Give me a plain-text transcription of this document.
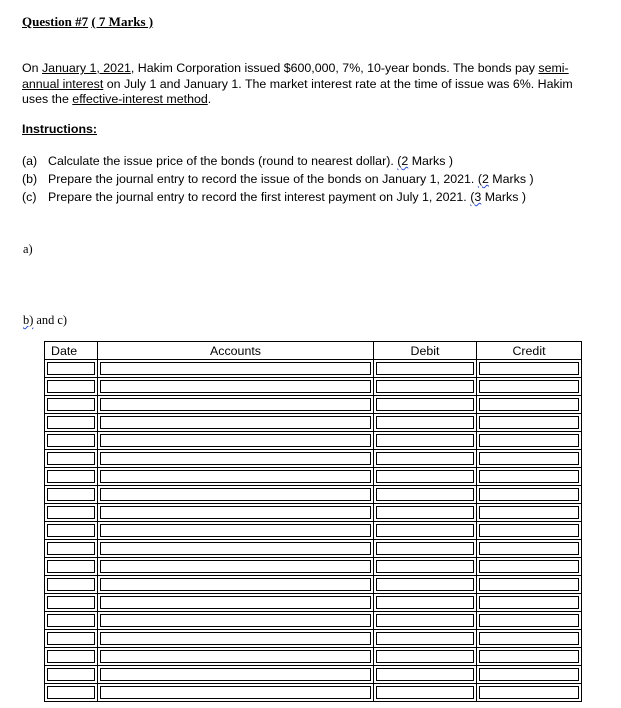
Question #7 ( 7 Marks )
On January 1, 2021, Hakim Corporation issued $600,000, 7%, 10-year bonds. The bonds pay semi-annual interest on July 1 and January 1. The market interest rate at the time of issue was 6%. Hakim uses the effective-interest method.
Instructions:
(a) Calculate the issue price of the bonds (round to nearest dollar). (2 Marks )
(b) Prepare the journal entry to record the issue of the bonds on January 1, 2021. (2 Marks )
(c) Prepare the journal entry to record the first interest payment on July 1, 2021. (3 Marks )
a)
b) and c)
Date	Accounts	Debit	Credit
